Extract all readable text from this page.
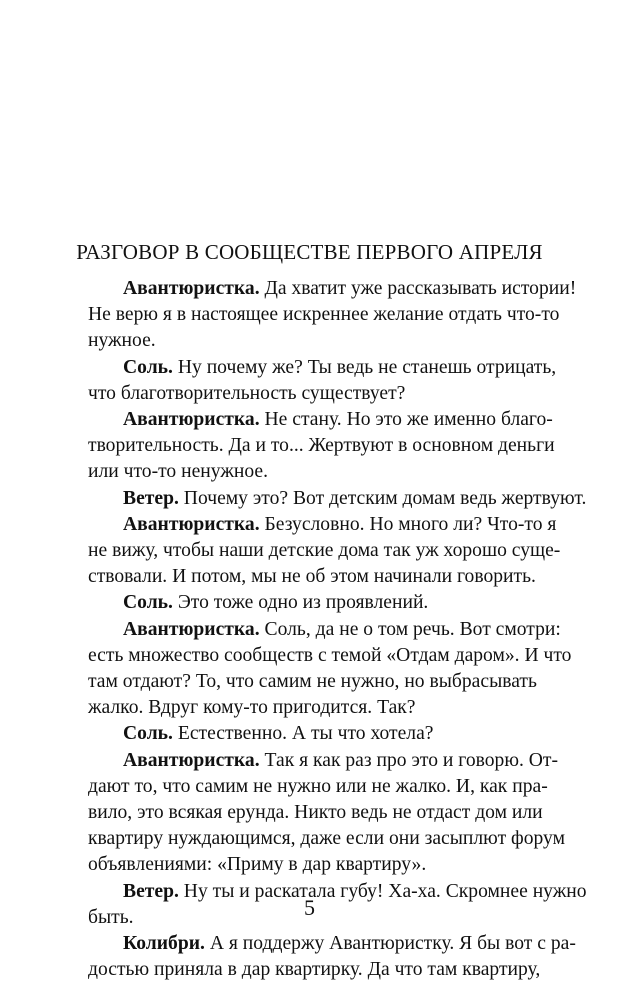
РАЗГОВОР В СООБЩЕСТВЕ ПЕРВОГО АПРЕЛЯ
Авантюристка. Да хватит уже рассказывать истории!
Не верю я в настоящее искреннее желание отдать что-то
нужное.
Соль. Ну почему же? Ты ведь не станешь отрицать,
что благотворительность существует?
Авантюристка. Не стану. Но это же именно благо-
творительность. Да и то... Жертвуют в основном деньги
или что-то ненужное.
Ветер. Почему это? Вот детским домам ведь жертвуют.
Авантюристка. Безусловно. Но много ли? Что-то я
не вижу, чтобы наши детские дома так уж хорошо суще-
ствовали. И потом, мы не об этом начинали говорить.
Соль. Это тоже одно из проявлений.
Авантюристка. Соль, да не о том речь. Вот смотри:
есть множество сообществ с темой «Отдам даром». И что
там отдают? То, что самим не нужно, но выбрасывать
жалко. Вдруг кому-то пригодится. Так?
Соль. Естественно. А ты что хотела?
Авантюристка. Так я как раз про это и говорю. От-
дают то, что самим не нужно или не жалко. И, как пра-
вило, это всякая ерунда. Никто ведь не отдаст дом или
квартиру нуждающимся, даже если они засыплют форум
объявлениями: «Приму в дар квартиру».
Ветер. Ну ты и раскатала губу! Ха-ха. Скромнее нужно
быть.
Колибри. А я поддержу Авантюристку. Я бы вот с ра-
достью приняла в дар квартирку. Да что там квартиру,
5
